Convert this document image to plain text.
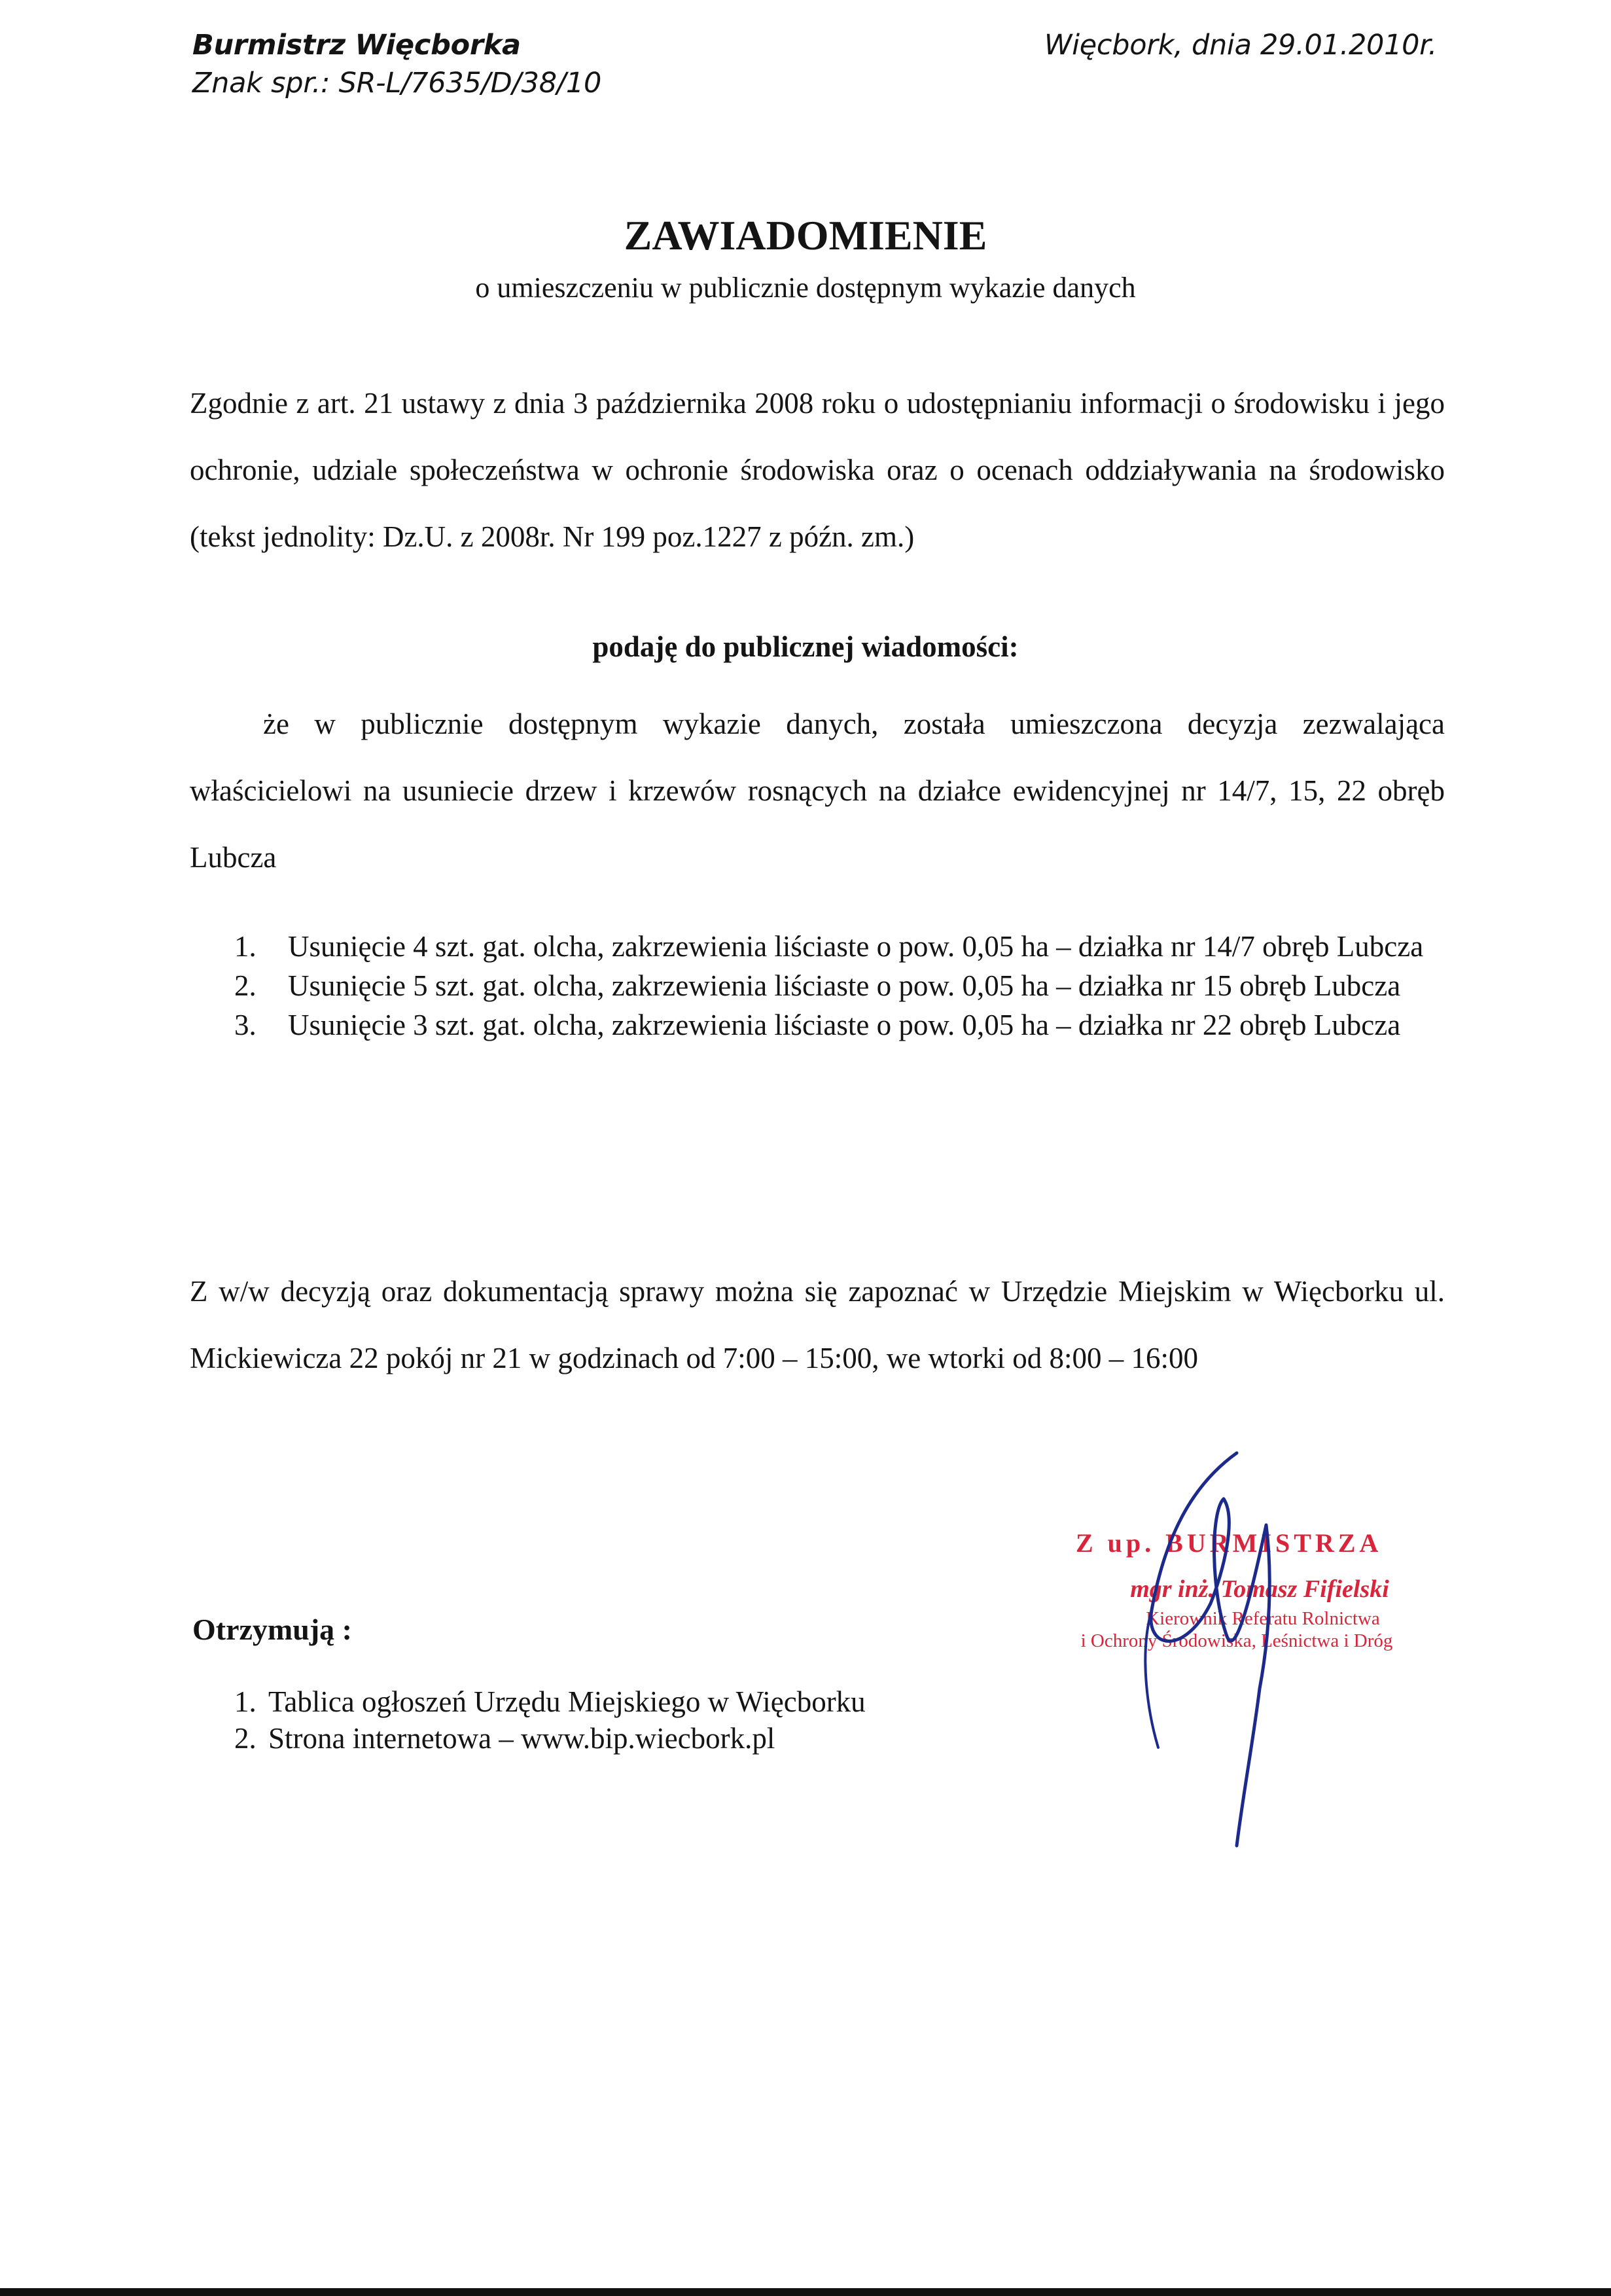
Burmistrz Więcborka
Znak spr.: SR-L/7635/D/38/10
Więcbork, dnia 29.01.2010r.
ZAWIADOMIENIE
o umieszczeniu w publicznie dostępnym wykazie danych
Zgodnie z art. 21 ustawy z dnia 3 października 2008 roku o udostępnianiu informacji o środowisku i jego ochronie, udziale społeczeństwa w ochronie środowiska oraz o ocenach oddziaływania na środowisko (tekst jednolity: Dz.U. z 2008r. Nr 199 poz.1227 z późn. zm.)
podaję do publicznej wiadomości:
że w publicznie dostępnym wykazie danych, została umieszczona decyzja zezwalająca właścicielowi na usuniecie drzew i krzewów rosnących na działce ewidencyjnej nr 14/7, 15, 22 obręb Lubcza
1. Usunięcie 4 szt. gat. olcha, zakrzewienia liściaste o pow. 0,05 ha – działka nr 14/7 obręb Lubcza
2. Usunięcie 5 szt. gat. olcha, zakrzewienia liściaste o pow. 0,05 ha – działka nr 15 obręb Lubcza
3. Usunięcie 3 szt. gat. olcha, zakrzewienia liściaste o pow. 0,05 ha – działka nr 22 obręb Lubcza
Z w/w decyzją oraz dokumentacją sprawy można się zapoznać w Urzędzie Miejskim w Więcborku ul. Mickiewicza 22 pokój nr 21 w godzinach od 7:00 – 15:00, we wtorki od 8:00 – 16:00
Otrzymują :
1. Tablica ogłoszeń Urzędu Miejskiego w Więcborku
2. Strona internetowa – www.bip.wiecbork.pl
Z up. BURMISTRZA
mgr inż. Tomasz Fifielski
Kierownik Referatu Rolnictwa
i Ochrony Środowiska, Leśnictwa i Dróg
